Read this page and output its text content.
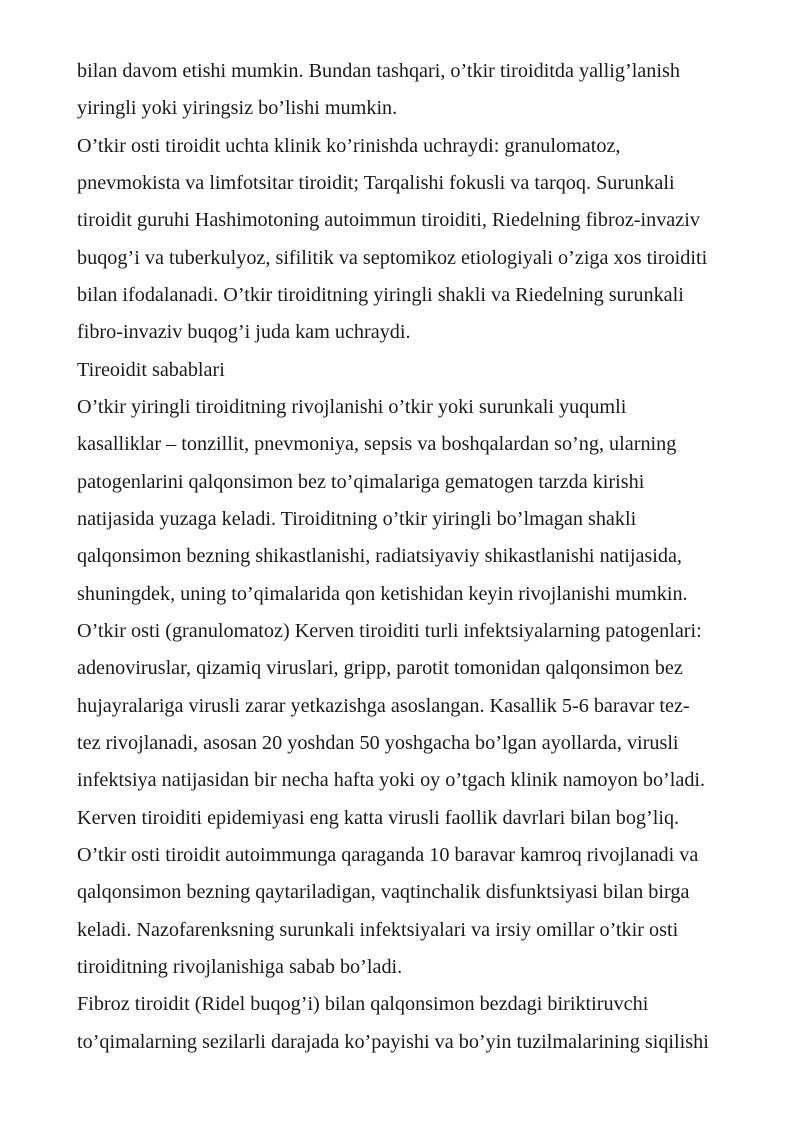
bilan davom etishi mumkin. Bundan tashqari, o’tkir tiroiditda yallig’lanish
yiringli yoki yiringsiz bo’lishi mumkin.
O’tkir osti tiroidit uchta klinik ko’rinishda uchraydi: granulomatoz,
pnevmokista va limfotsitar tiroidit; Tarqalishi fokusli va tarqoq. Surunkali
tiroidit guruhi Hashimotoning autoimmun tiroiditi, Riedelning fibroz-invaziv
buqog’i va tuberkulyoz, sifilitik va septomikoz etiologiyali o’ziga xos tiroiditi
bilan ifodalanadi. O’tkir tiroiditning yiringli shakli va Riedelning surunkali
fibro-invaziv buqog’i juda kam uchraydi.
Tireoidit sabablari
O’tkir yiringli tiroiditning rivojlanishi o’tkir yoki surunkali yuqumli
kasalliklar – tonzillit, pnevmoniya, sepsis va boshqalardan so’ng, ularning
patogenlarini qalqonsimon bez to’qimalariga gematogen tarzda kirishi
natijasida yuzaga keladi. Tiroiditning o’tkir yiringli bo’lmagan shakli
qalqonsimon bezning shikastlanishi, radiatsiyaviy shikastlanishi natijasida,
shuningdek, uning to’qimalarida qon ketishidan keyin rivojlanishi mumkin.
O’tkir osti (granulomatoz) Kerven tiroiditi turli infektsiyalarning patogenlari:
adenoviruslar, qizamiq viruslari, gripp, parotit tomonidan qalqonsimon bez
hujayralariga virusli zarar yetkazishga asoslangan. Kasallik 5-6 baravar tez-
tez rivojlanadi, asosan 20 yoshdan 50 yoshgacha bo’lgan ayollarda, virusli
infektsiya natijasidan bir necha hafta yoki oy o’tgach klinik namoyon bo’ladi.
Kerven tiroiditi epidemiyasi eng katta virusli faollik davrlari bilan bog’liq.
O’tkir osti tiroidit autoimmunga qaraganda 10 baravar kamroq rivojlanadi va
qalqonsimon bezning qaytariladigan, vaqtinchalik disfunktsiyasi bilan birga
keladi. Nazofarenksning surunkali infektsiyalari va irsiy omillar o’tkir osti
tiroiditning rivojlanishiga sabab bo’ladi.
Fibroz tiroidit (Ridel buqog’i) bilan qalqonsimon bezdagi biriktiruvchi
to’qimalarning sezilarli darajada ko’payishi va bo’yin tuzilmalarining siqilishi
